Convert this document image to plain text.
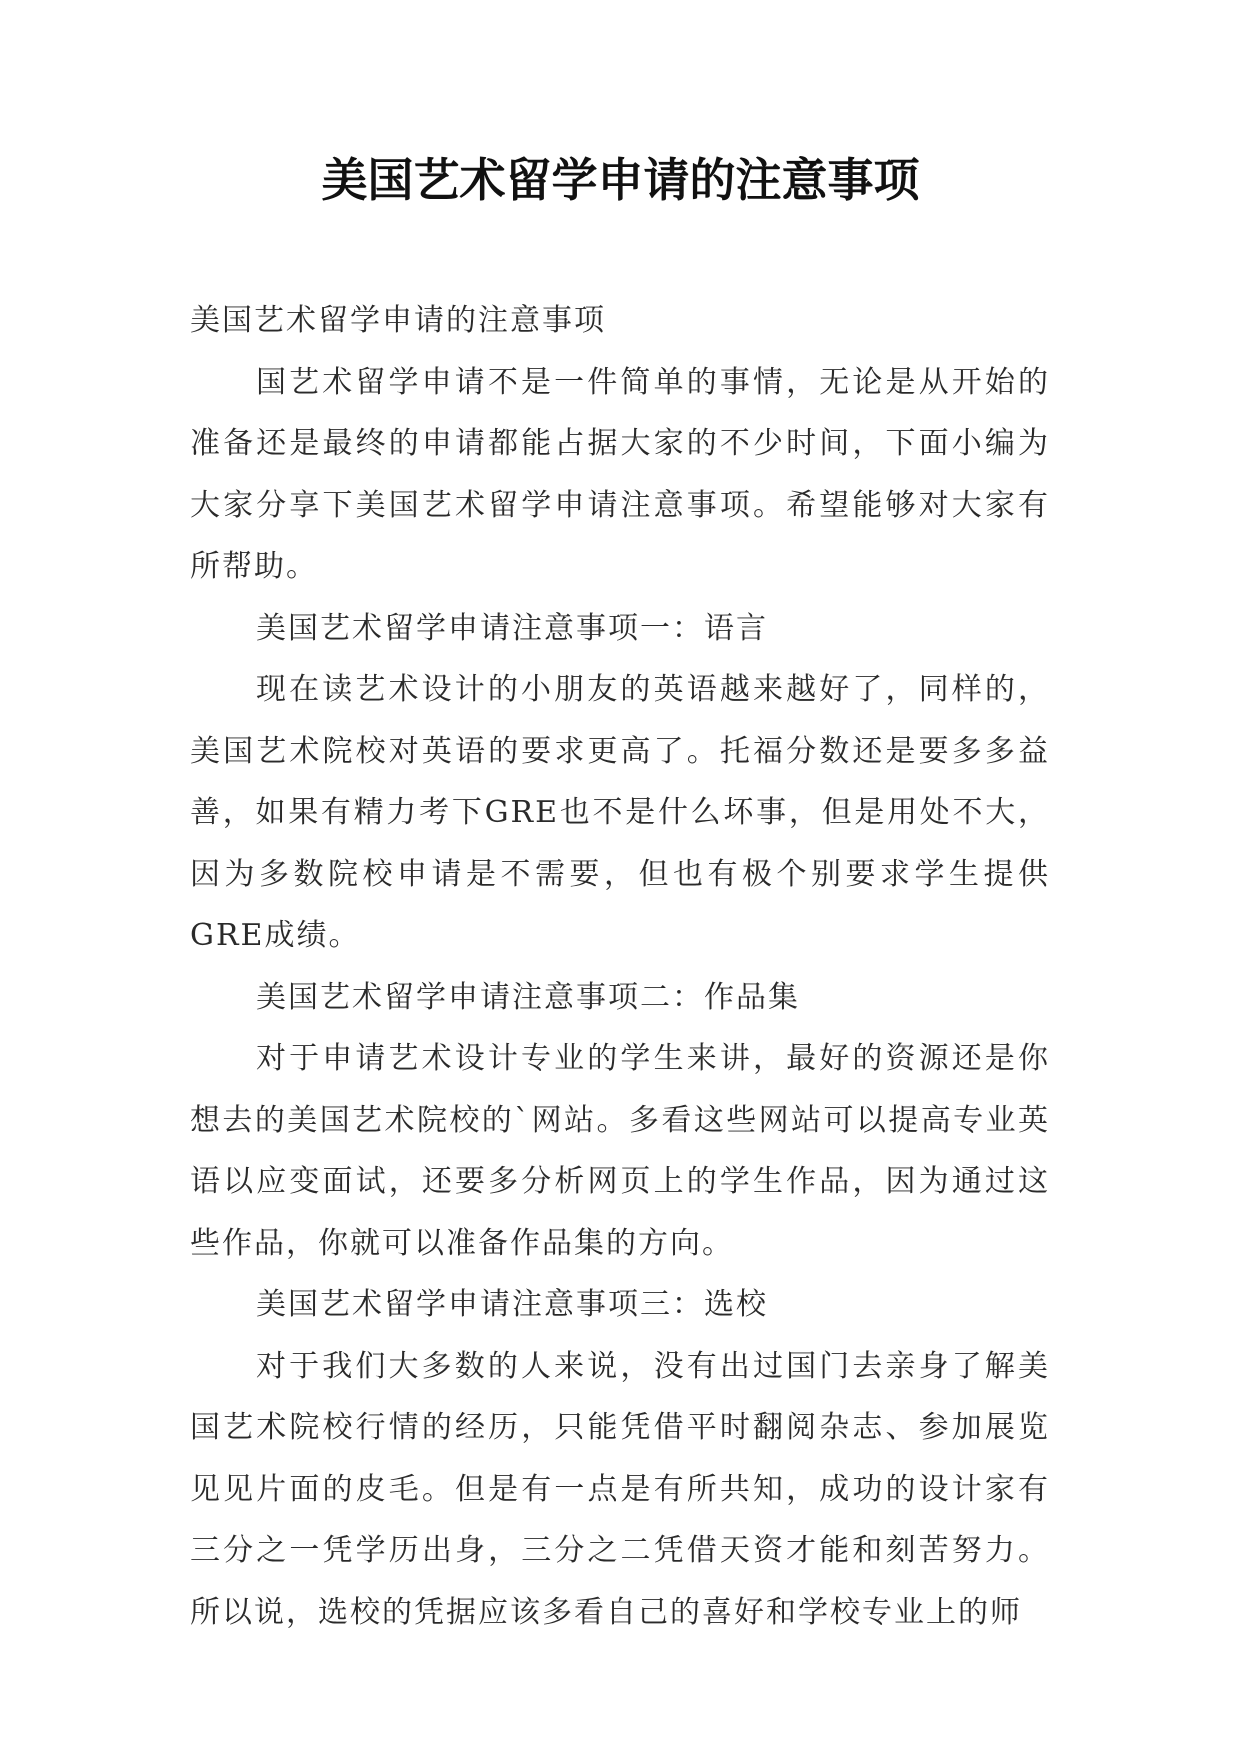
美国艺术留学申请的注意事项

美国艺术留学申请的注意事项

国艺术留学申请不是一件简单的事情，无论是从开始的准备还是最终的申请都能占据大家的不少时间，下面小编为大家分享下美国艺术留学申请注意事项。希望能够对大家有所帮助。

美国艺术留学申请注意事项一：语言

现在读艺术设计的小朋友的英语越来越好了，同样的，美国艺术院校对英语的要求更高了。托福分数还是要多多益善，如果有精力考下GRE也不是什么坏事，但是用处不大，因为多数院校申请是不需要，但也有极个别要求学生提供GRE成绩。

美国艺术留学申请注意事项二：作品集

对于申请艺术设计专业的学生来讲，最好的资源还是你想去的美国艺术院校的`网站。多看这些网站可以提高专业英语以应变面试，还要多分析网页上的学生作品，因为通过这些作品，你就可以准备作品集的方向。

美国艺术留学申请注意事项三：选校

对于我们大多数的人来说，没有出过国门去亲身了解美国艺术院校行情的经历，只能凭借平时翻阅杂志、参加展览见见片面的皮毛。但是有一点是有所共知，成功的设计家有三分之一凭学历出身，三分之二凭借天资才能和刻苦努力。所以说，选校的凭据应该多看自己的喜好和学校专业上的师
